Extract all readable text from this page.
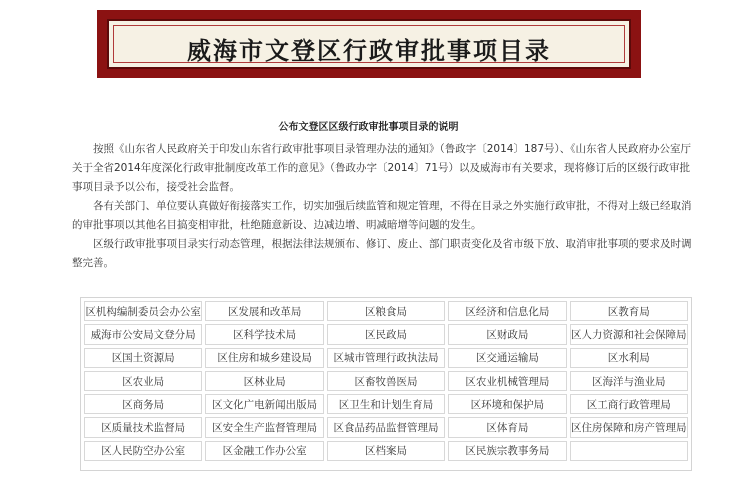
威海市文登区行政审批事项目录
公布文登区区级行政审批事项目录的说明

按照《山东省人民政府关于印发山东省行政审批事项目录管理办法的通知》（鲁政字〔2014〕187号）、《山东省人民政府办公室厅关于全省2014年度深化行政审批制度改革工作的意见》（鲁政办字〔2014〕71号）以及威海市有关要求，现将修订后的区级行政审批事项目录予以公布，接受社会监督。

各有关部门、单位要认真做好衔接落实工作，切实加强后续监管和规定管理，不得在目录之外实施行政审批，不得对上级已经取消的审批事项以其他名目搞变相审批，杜绝随意新设、边减边增、明减暗增等问题的发生。

区级行政审批事项目录实行动态管理，根据法律法规颁布、修订、废止、部门职责变化及省市级下放、取消审批事项的要求及时调整完善。

区机构编制委员会办公室	区发展和改革局	区粮食局	区经济和信息化局	区教育局
威海市公安局文登分局	区科学技术局	区民政局	区财政局	区人力资源和社会保障局
区国土资源局	区住房和城乡建设局	区城市管理行政执法局	区交通运输局	区水利局
区农业局	区林业局	区畜牧兽医局	区农业机械管理局	区海洋与渔业局
区商务局	区文化广电新闻出版局	区卫生和计划生育局	区环境和保护局	区工商行政管理局
区质量技术监督局	区安全生产监督管理局	区食品药品监督管理局	区体育局	区住房保障和房产管理局
区人民防空办公室	区金融工作办公室	区档案局	区民族宗教事务局
